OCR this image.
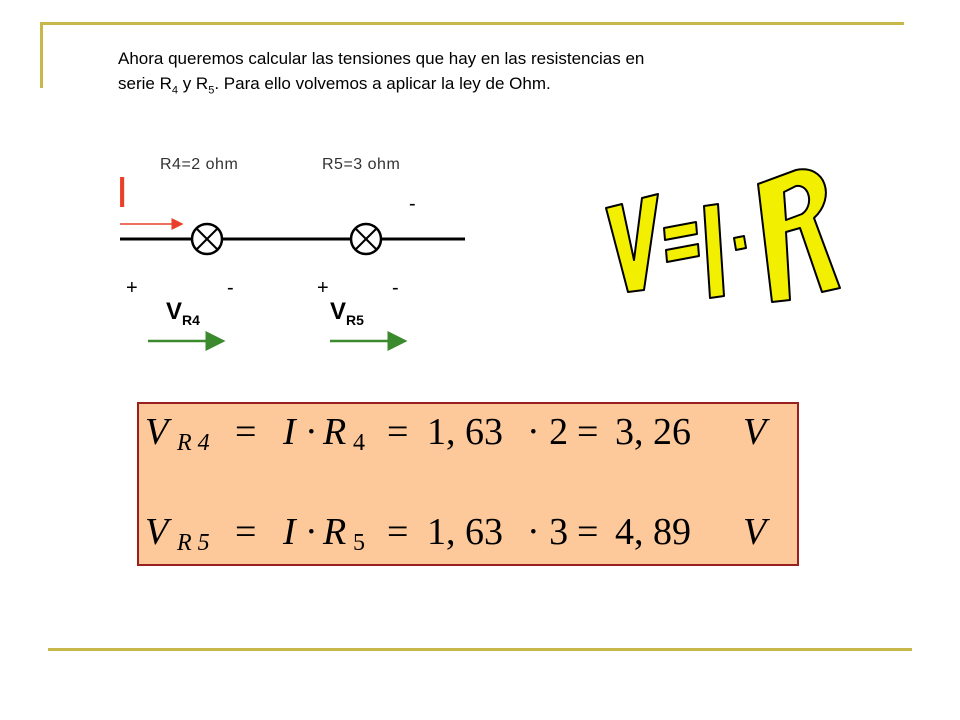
Ahora queremos calcular las tensiones que hay en las resistencias en
serie $R_4$ y $R_5$. Para ello volvemos a aplicar la ley de Ohm.
R4=2 ohm	R5=3 ohm
I	-
+	-	+	-
$V_{R4}$	$V_{R5}$
V R 4 = I · R 4 = 1, 63 · 2 = 3, 26 V
V R 5 = I · R 5 = 1, 63 · 3 = 4, 89 V
